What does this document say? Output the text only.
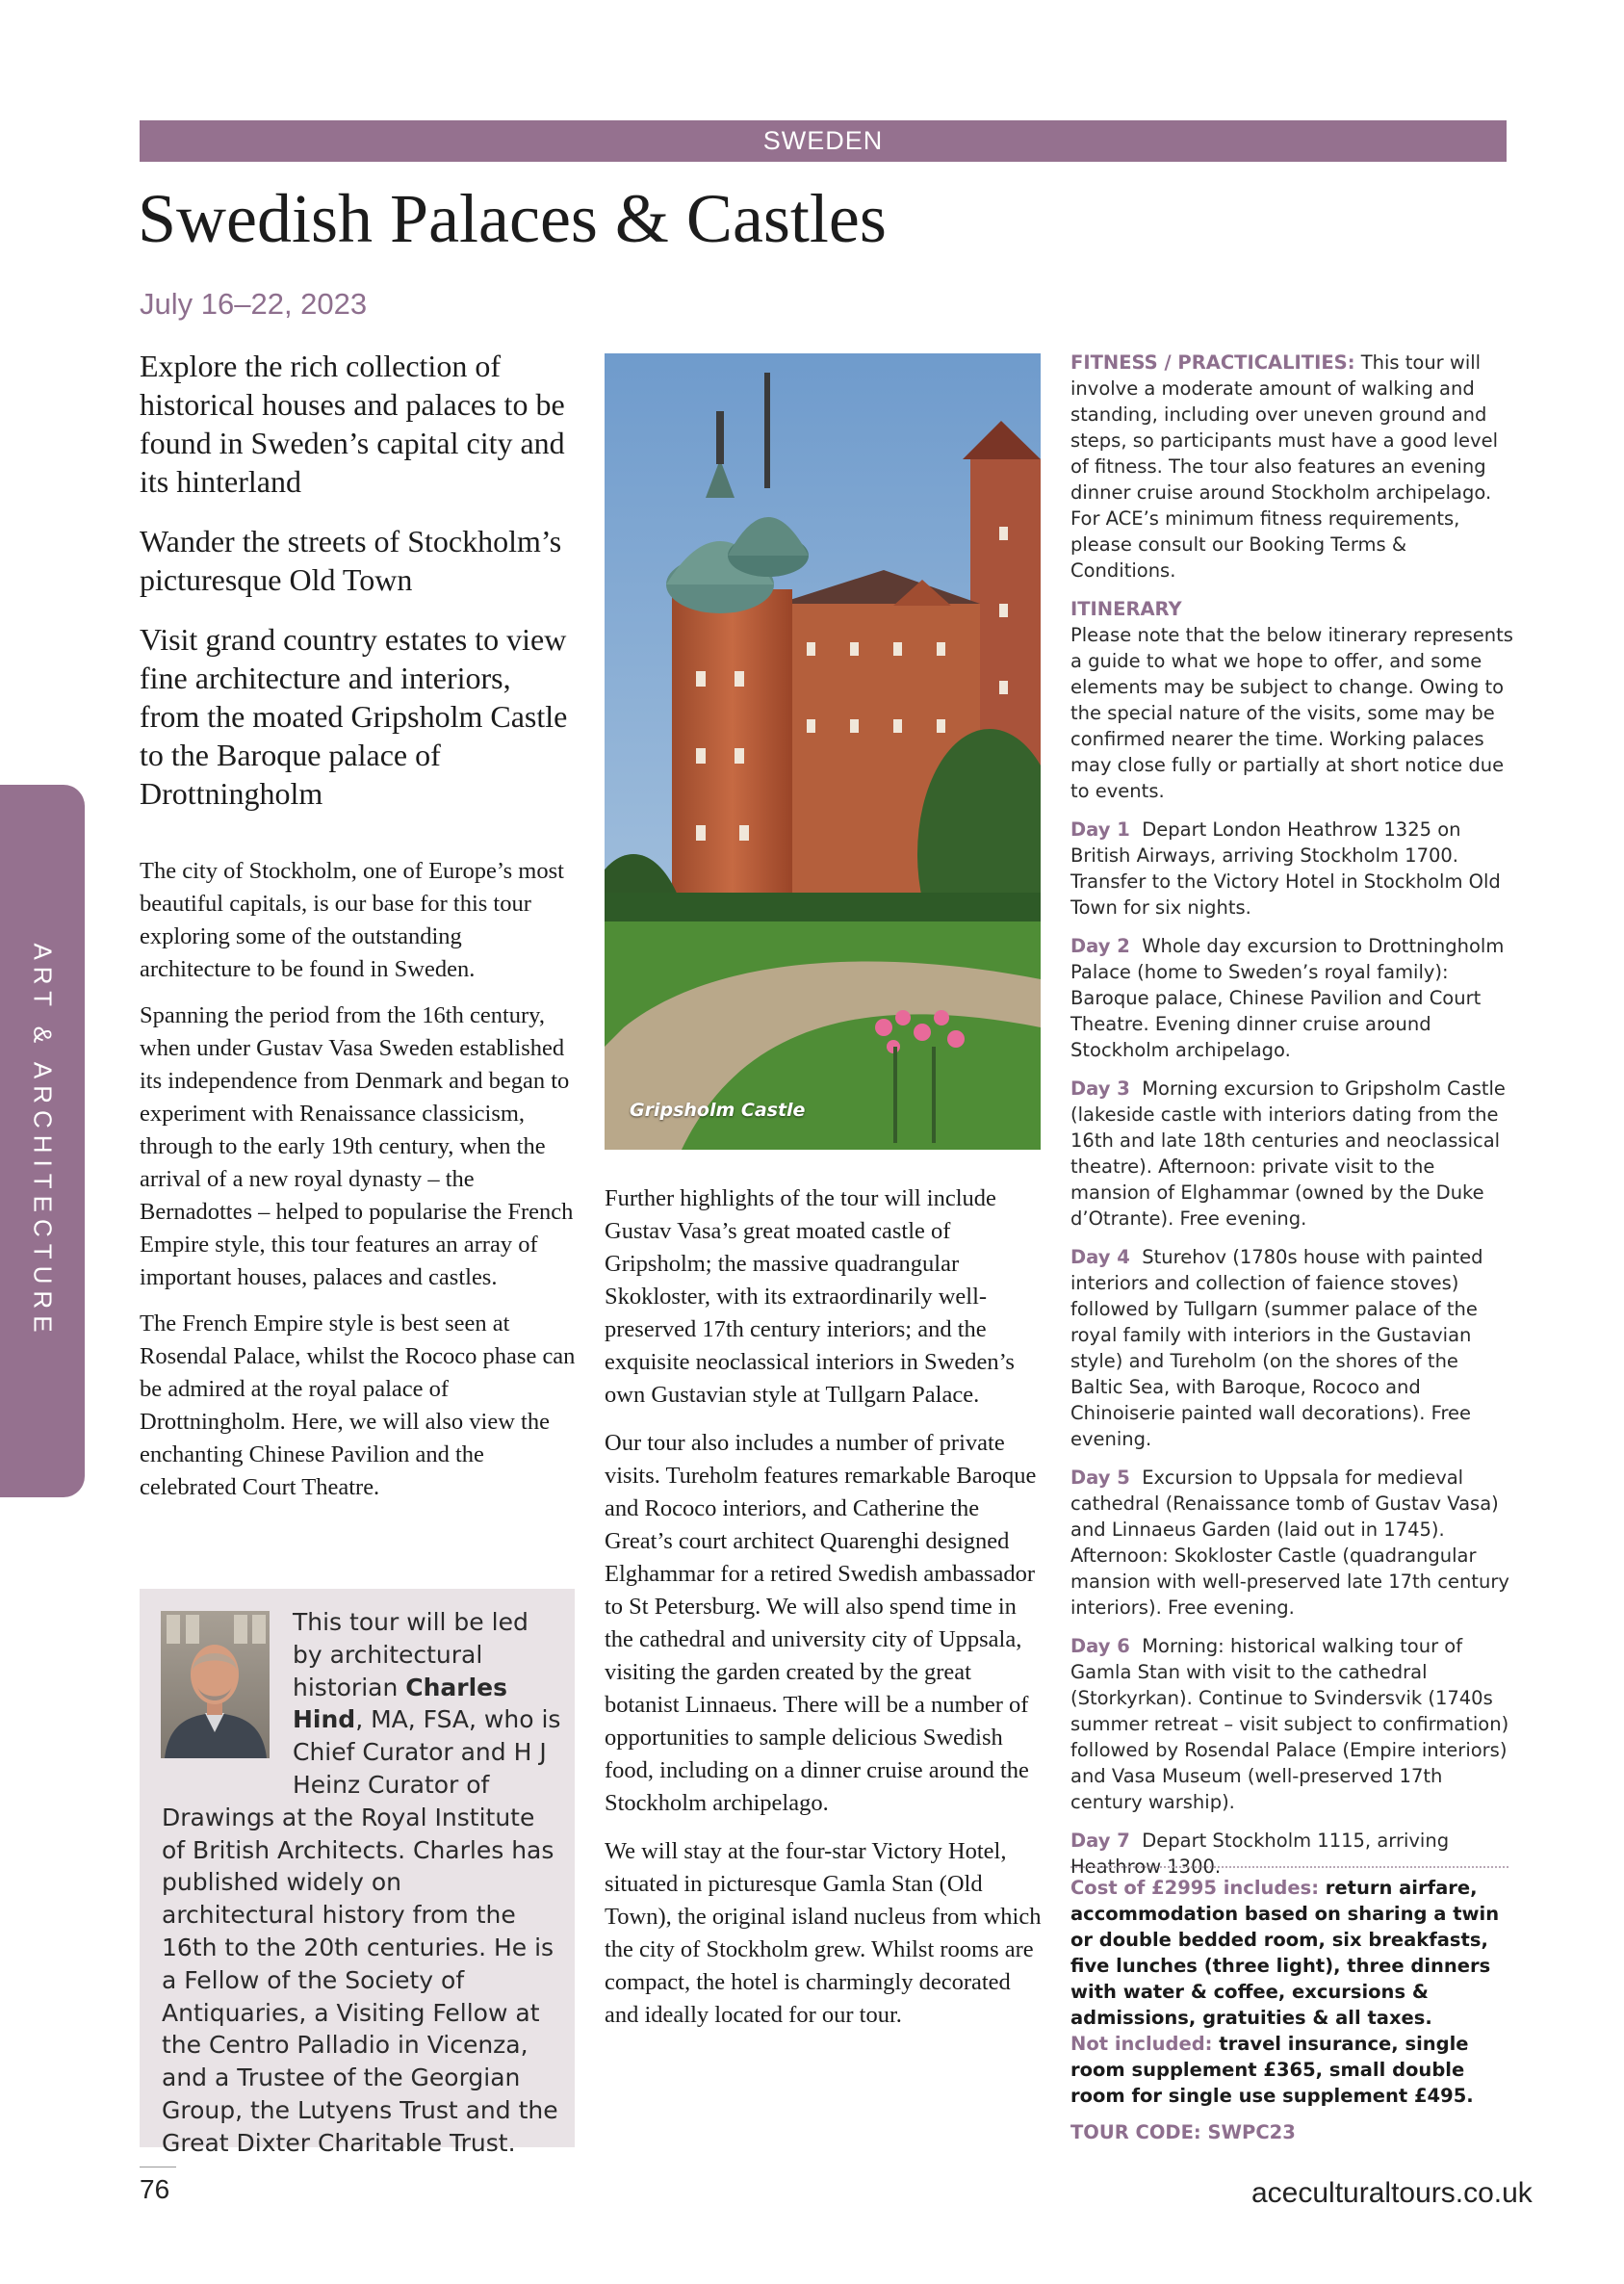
SWEDEN
Swedish Palaces & Castles
July 16–22, 2023
ART & ARCHITECTURE

Explore the rich collection of historical houses and palaces to be found in Sweden’s capital city and its hinterland

Wander the streets of Stockholm’s picturesque Old Town

Visit grand country estates to view fine architecture and interiors, from the moated Gripsholm Castle to the Baroque palace of Drottningholm

The city of Stockholm, one of Europe’s most beautiful capitals, is our base for this tour exploring some of the outstanding architecture to be found in Sweden.

Spanning the period from the 16th century, when under Gustav Vasa Sweden established its independence from Denmark and began to experiment with Renaissance classicism, through to the early 19th century, when the arrival of a new royal dynasty – the Bernadottes – helped to popularise the French Empire style, this tour features an array of important houses, palaces and castles.

The French Empire style is best seen at Rosendal Palace, whilst the Rococo phase can be admired at the royal palace of Drottningholm. Here, we will also view the enchanting Chinese Pavilion and the celebrated Court Theatre.

This tour will be led by architectural historian Charles Hind, MA, FSA, who is Chief Curator and H J Heinz Curator of Drawings at the Royal Institute of British Architects. Charles has published widely on architectural history from the 16th to the 20th centuries. He is a Fellow of the Society of Antiquaries, a Visiting Fellow at the Centro Palladio in Vicenza, and a Trustee of the Georgian Group, the Lutyens Trust and the Great Dixter Charitable Trust.
Gripsholm Castle

Further highlights of the tour will include Gustav Vasa’s great moated castle of Gripsholm; the massive quadrangular Skokloster, with its extraordinarily well-preserved 17th century interiors; and the exquisite neoclassical interiors in Sweden’s own Gustavian style at Tullgarn Palace.

Our tour also includes a number of private visits. Tureholm features remarkable Baroque and Rococo interiors, and Catherine the Great’s court architect Quarenghi designed Elghammar for a retired Swedish ambassador to St Petersburg. We will also spend time in the cathedral and university city of Uppsala, visiting the garden created by the great botanist Linnaeus. There will be a number of opportunities to sample delicious Swedish food, including on a dinner cruise around the Stockholm archipelago.

We will stay at the four-star Victory Hotel, situated in picturesque Gamla Stan (Old Town), the original island nucleus from which the city of Stockholm grew. Whilst rooms are compact, the hotel is charmingly decorated and ideally located for our tour.

FITNESS / PRACTICALITIES: This tour will involve a moderate amount of walking and standing, including over uneven ground and steps, so participants must have a good level of fitness. The tour also features an evening dinner cruise around Stockholm archipelago. For ACE’s minimum fitness requirements, please consult our Booking Terms & Conditions.

ITINERARY
Please note that the below itinerary represents a guide to what we hope to offer, and some elements may be subject to change. Owing to the special nature of the visits, some may be confirmed nearer the time. Working palaces may close fully or partially at short notice due to events.

Day 1 Depart London Heathrow 1325 on British Airways, arriving Stockholm 1700. Transfer to the Victory Hotel in Stockholm Old Town for six nights.

Day 2 Whole day excursion to Drottningholm Palace (home to Sweden’s royal family): Baroque palace, Chinese Pavilion and Court Theatre. Evening dinner cruise around Stockholm archipelago.

Day 3 Morning excursion to Gripsholm Castle (lakeside castle with interiors dating from the 16th and late 18th centuries and neoclassical theatre). Afternoon: private visit to the mansion of Elghammar (owned by the Duke d’Otrante). Free evening.

Day 4 Sturehov (1780s house with painted interiors and collection of faience stoves) followed by Tullgarn (summer palace of the royal family with interiors in the Gustavian style) and Tureholm (on the shores of the Baltic Sea, with Baroque, Rococo and Chinoiserie painted wall decorations). Free evening.

Day 5 Excursion to Uppsala for medieval cathedral (Renaissance tomb of Gustav Vasa) and Linnaeus Garden (laid out in 1745). Afternoon: Skokloster Castle (quadrangular mansion with well-preserved late 17th century interiors). Free evening.

Day 6 Morning: historical walking tour of Gamla Stan with visit to the cathedral (Storkyrkan). Continue to Svindersvik (1740s summer retreat – visit subject to confirmation) followed by Rosendal Palace (Empire interiors) and Vasa Museum (well-preserved 17th century warship).

Day 7 Depart Stockholm 1115, arriving Heathrow 1300.

Cost of £2995 includes: return airfare, accommodation based on sharing a twin or double bedded room, six breakfasts, five lunches (three light), three dinners with water & coffee, excursions & admissions, gratuities & all taxes.
Not included: travel insurance, single room supplement £365, small double room for single use supplement £495.
TOUR CODE: SWPC23
76	aceculturaltours.co.uk
